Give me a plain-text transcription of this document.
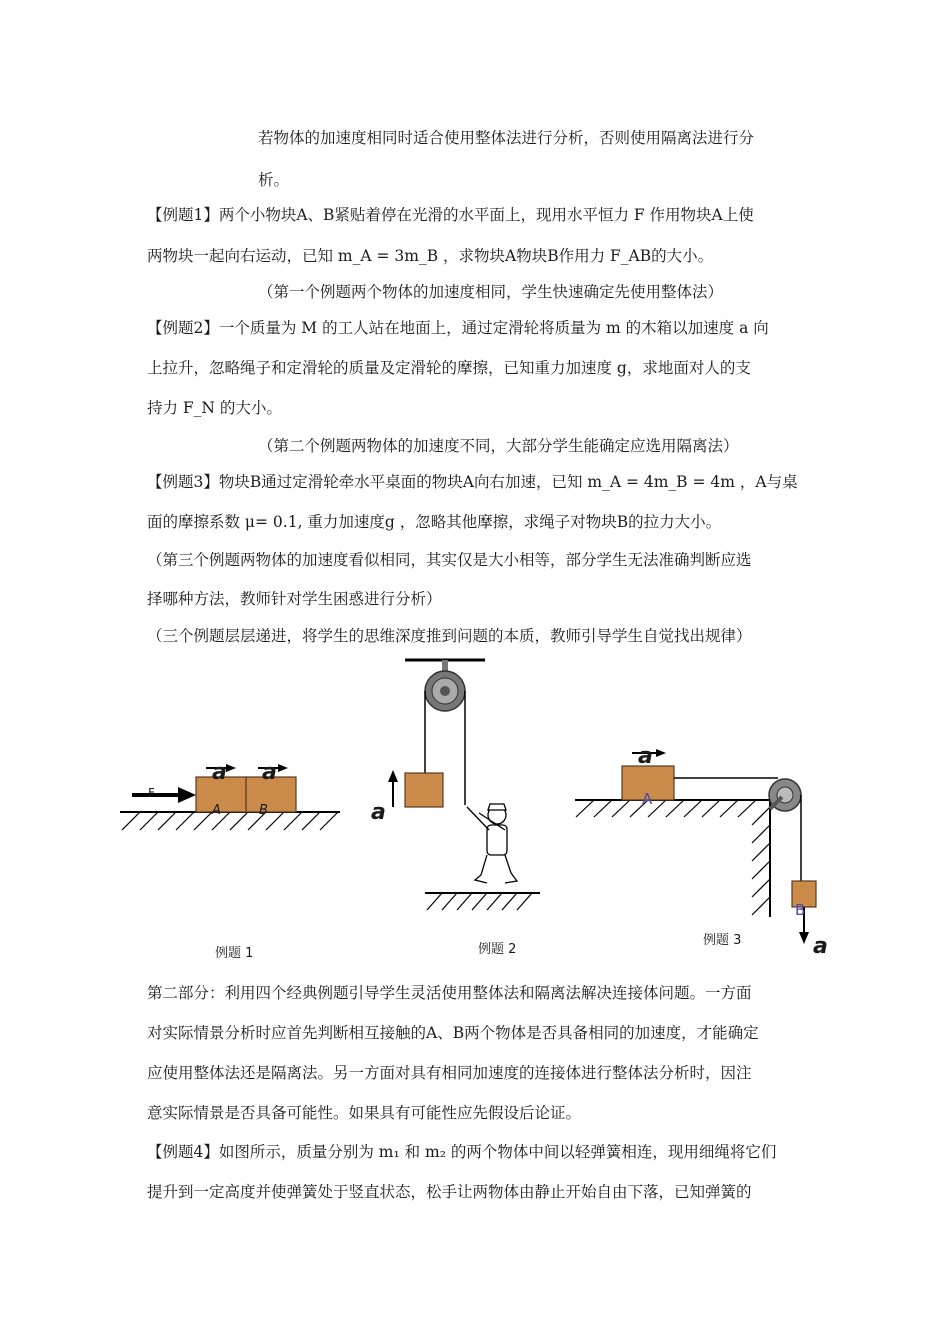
若物体的加速度相同时适合使用整体法进行分析，否则使用隔离法进行分
析。
【例题1】两个小物块A、B紧贴着停在光滑的水平面上，现用水平恒力 F 作用物块A上使
两物块一起向右运动，已知 m_A = 3m_B ，求物块A物块B作用力 F_AB的大小。
（第一个例题两个物体的加速度相同，学生快速确定先使用整体法）
【例题2】一个质量为 M 的工人站在地面上，通过定滑轮将质量为 m 的木箱以加速度 a 向
上拉升，忽略绳子和定滑轮的质量及定滑轮的摩擦，已知重力加速度 g，求地面对人的支
持力 F_N 的大小。
（第二个例题两物体的加速度不同，大部分学生能确定应选用隔离法）
【例题3】物块B通过定滑轮牵水平桌面的物块A向右加速，已知 m_A = 4m_B = 4m ，A与桌
面的摩擦系数 μ= 0.1, 重力加速度g ，忽略其他摩擦，求绳子对物块B的拉力大小。
（第三个例题两物体的加速度看似相同，其实仅是大小相等，部分学生无法准确判断应选
择哪种方法，教师针对学生困惑进行分析）
（三个例题层层递进，将学生的思维深度推到问题的本质，教师引导学生自觉找出规律）
F
a a
A	B
例题 1
a
例题 2
a
A
B
a
例题 3
第二部分：利用四个经典例题引导学生灵活使用整体法和隔离法解决连接体问题。一方面
对实际情景分析时应首先判断相互接触的A、B两个物体是否具备相同的加速度，才能确定
应使用整体法还是隔离法。另一方面对具有相同加速度的连接体进行整体法分析时，因注
意实际情景是否具备可能性。如果具有可能性应先假设后论证。
【例题4】如图所示，质量分别为 m₁ 和 m₂ 的两个物体中间以轻弹簧相连，现用细绳将它们
提升到一定高度并使弹簧处于竖直状态，松手让两物体由静止开始自由下落，已知弹簧的
